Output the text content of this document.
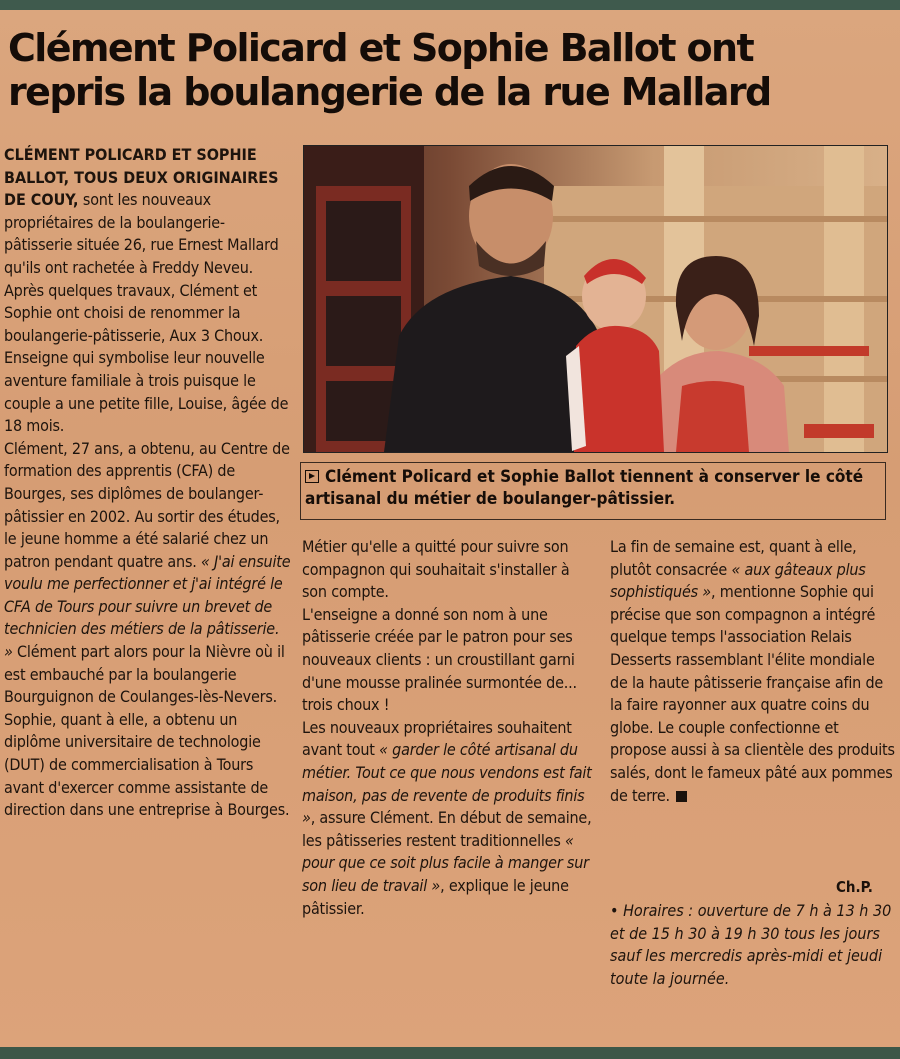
Clément Policard et Sophie Ballot ont
repris la boulangerie de la rue Mallard

CLÉMENT POLICARD ET SOPHIE BALLOT, TOUS DEUX ORIGINAIRES DE COUY, sont les nouveaux propriétaires de la boulangerie-pâtisserie située 26, rue Ernest Mallard qu'ils ont rachetée à Freddy Neveu. Après quelques travaux, Clément et Sophie ont choisi de renommer la boulangerie-pâtisserie, Aux 3 Choux. Enseigne qui symbolise leur nouvelle aventure familiale à trois puisque le couple a une petite fille, Louise, âgée de 18 mois.

Clément, 27 ans, a obtenu, au Centre de formation des apprentis (CFA) de Bourges, ses diplômes de boulanger-pâtissier en 2002. Au sortir des études, le jeune homme a été salarié chez un patron pendant quatre ans. « J'ai ensuite voulu me perfectionner et j'ai intégré le CFA de Tours pour suivre un brevet de technicien des métiers de la pâtisserie. » Clément part alors pour la Nièvre où il est embauché par la boulangerie Bourguignon de Coulanges-lès-Nevers. Sophie, quant à elle, a obtenu un diplôme universitaire de technologie (DUT) de commercialisation à Tours avant d'exercer comme assistante de direction dans une entreprise à Bourges.

Clément Policard et Sophie Ballot tiennent à conserver le côté artisanal du métier de boulanger-pâtissier.

Métier qu'elle a quitté pour suivre son compagnon qui souhaitait s'installer à son compte.

L'enseigne a donné son nom à une pâtisserie créée par le patron pour ses nouveaux clients : un croustillant garni d'une mousse pralinée surmontée de... trois choux !

Les nouveaux propriétaires souhaitent avant tout « garder le côté artisanal du métier. Tout ce que nous vendons est fait maison, pas de revente de produits finis », assure Clément. En début de semaine, les pâtisseries restent traditionnelles « pour que ce soit plus facile à manger sur son lieu de travail », explique le jeune pâtissier.

La fin de semaine est, quant à elle, plutôt consacrée « aux gâteaux plus sophistiqués », mentionne Sophie qui précise que son compagnon a intégré quelque temps l'association Relais Desserts rassemblant l'élite mondiale de la haute pâtisserie française afin de la faire rayonner aux quatre coins du globe. Le couple confectionne et propose aussi à sa clientèle des produits salés, dont le fameux pâté aux pommes de terre.

Ch.P.
• Horaires : ouverture de 7 h à 13 h 30 et de 15 h 30 à 19 h 30 tous les jours sauf les mercredis après-midi et jeudi toute la journée.
